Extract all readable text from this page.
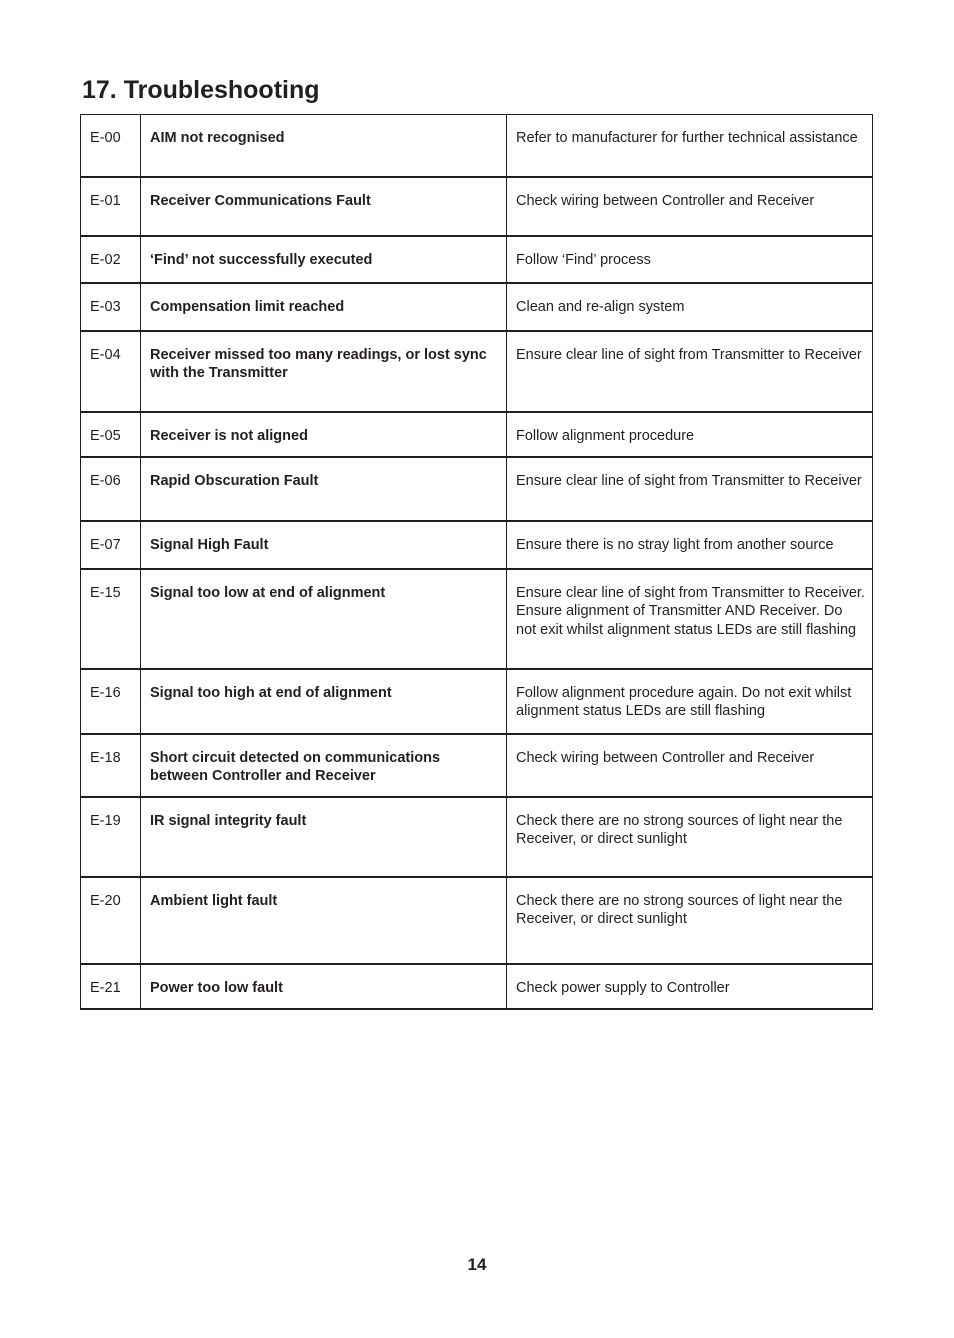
17. Troubleshooting
E-00	AIM not recognised	Refer to manufacturer for further technical assistance
E-01	Receiver Communications Fault	Check wiring between Controller and Receiver
E-02	‘Find’ not successfully executed	Follow ‘Find’ process
E-03	Compensation limit reached	Clean and re-align system
E-04	Receiver missed too many readings, or lost sync with the Transmitter	Ensure clear line of sight from Transmitter to Receiver
E-05	Receiver is not aligned	Follow alignment procedure
E-06	Rapid Obscuration Fault	Ensure clear line of sight from Transmitter to Receiver
E-07	Signal High Fault	Ensure there is no stray light from another source
E-15	Signal too low at end of alignment	Ensure clear line of sight from Transmitter to Receiver. Ensure alignment of Transmitter AND Receiver. Do not exit whilst alignment status LEDs are still flashing
E-16	Signal too high at end of alignment	Follow alignment procedure again. Do not exit whilst alignment status LEDs are still flashing
E-18	Short circuit detected on communications between Controller and Receiver	Check wiring between Controller and Receiver
E-19	IR signal integrity fault	Check there are no strong sources of light near the Receiver, or direct sunlight
E-20	Ambient light fault	Check there are no strong sources of light near the Receiver, or direct sunlight
E-21	Power too low fault	Check power supply to Controller
14
